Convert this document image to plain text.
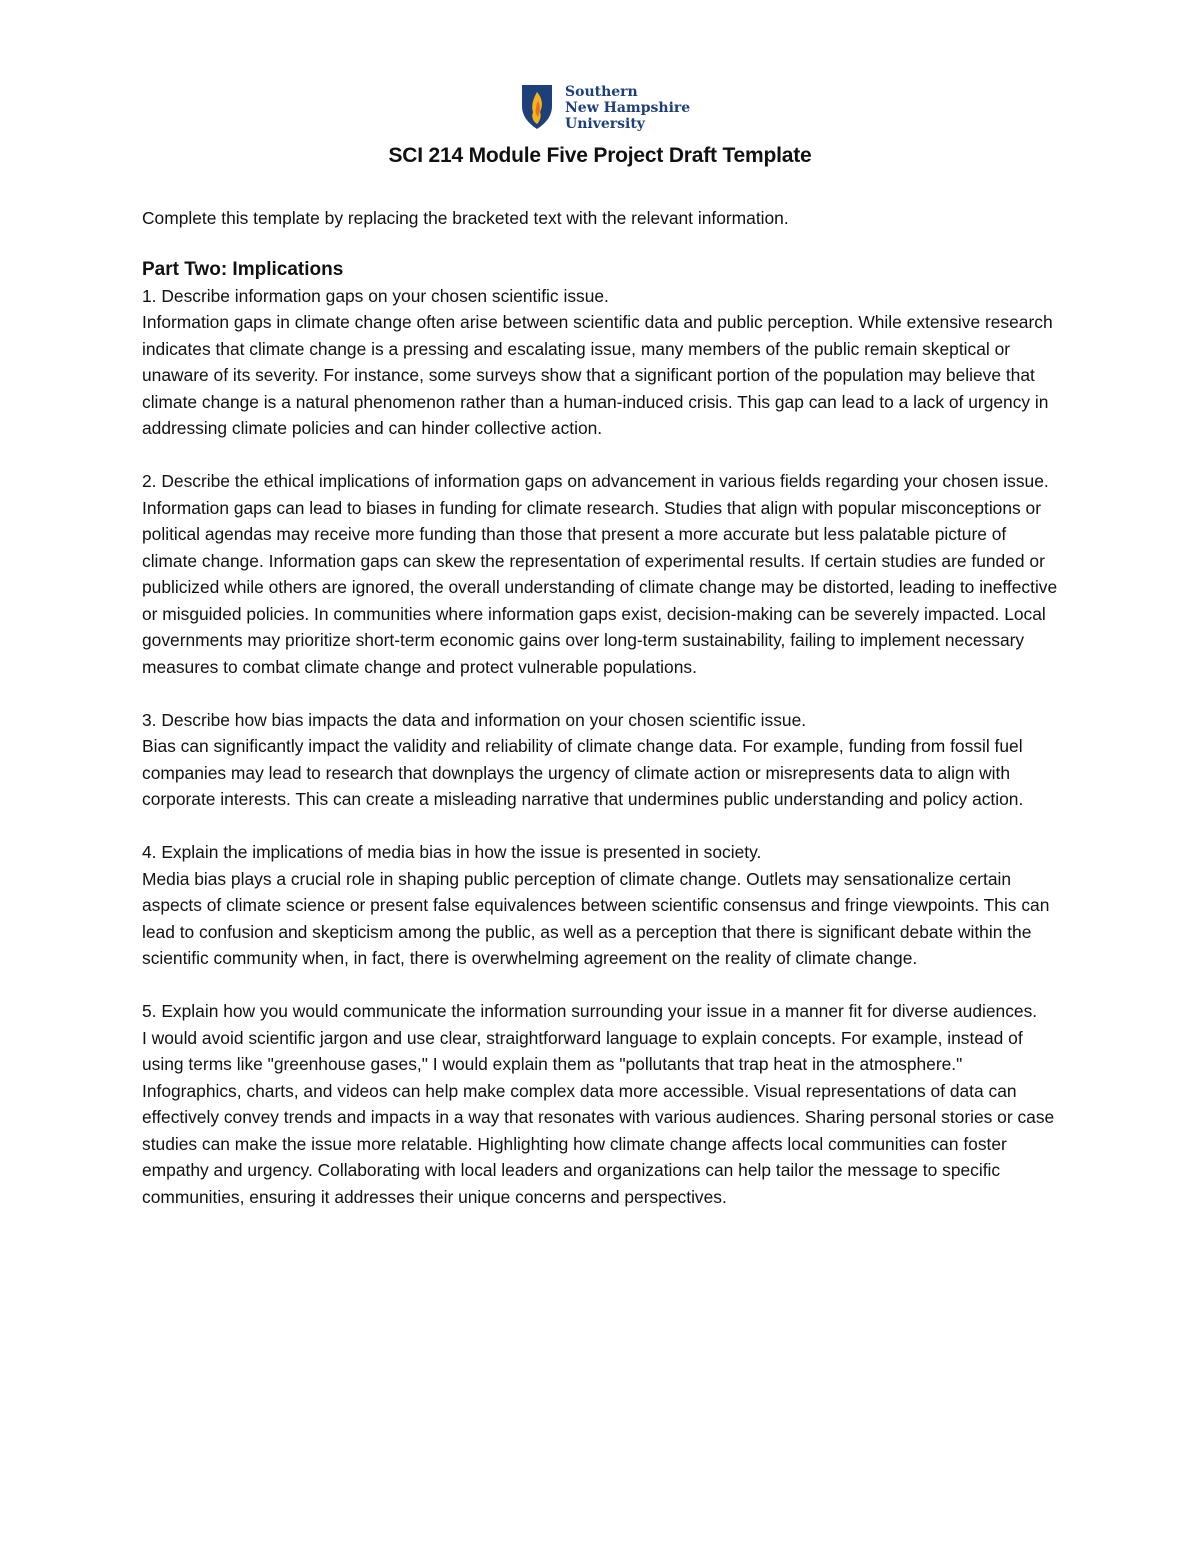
Southern
New Hampshire
University
SCI 214 Module Five Project Draft Template

Complete this template by replacing the bracketed text with the relevant information.

Part Two: Implications

1. Describe information gaps on your chosen scientific issue.

Information gaps in climate change often arise between scientific data and public perception. While extensive research indicates that climate change is a pressing and escalating issue, many members of the public remain skeptical or unaware of its severity. For instance, some surveys show that a significant portion of the population may believe that climate change is a natural phenomenon rather than a human-induced crisis. This gap can lead to a lack of urgency in addressing climate policies and can hinder collective action.

2. Describe the ethical implications of information gaps on advancement in various fields regarding your chosen issue.

Information gaps can lead to biases in funding for climate research. Studies that align with popular misconceptions or political agendas may receive more funding than those that present a more accurate but less palatable picture of climate change. Information gaps can skew the representation of experimental results. If certain studies are funded or publicized while others are ignored, the overall understanding of climate change may be distorted, leading to ineffective or misguided policies. In communities where information gaps exist, decision-making can be severely impacted. Local governments may prioritize short-term economic gains over long-term sustainability, failing to implement necessary measures to combat climate change and protect vulnerable populations.

3. Describe how bias impacts the data and information on your chosen scientific issue.

Bias can significantly impact the validity and reliability of climate change data. For example, funding from fossil fuel companies may lead to research that downplays the urgency of climate action or misrepresents data to align with corporate interests. This can create a misleading narrative that undermines public understanding and policy action.

4. Explain the implications of media bias in how the issue is presented in society.

Media bias plays a crucial role in shaping public perception of climate change. Outlets may sensationalize certain aspects of climate science or present false equivalences between scientific consensus and fringe viewpoints. This can lead to confusion and skepticism among the public, as well as a perception that there is significant debate within the scientific community when, in fact, there is overwhelming agreement on the reality of climate change.

5. Explain how you would communicate the information surrounding your issue in a manner fit for diverse audiences.

I would avoid scientific jargon and use clear, straightforward language to explain concepts. For example, instead of using terms like "greenhouse gases," I would explain them as "pollutants that trap heat in the atmosphere." Infographics, charts, and videos can help make complex data more accessible. Visual representations of data can effectively convey trends and impacts in a way that resonates with various audiences. Sharing personal stories or case studies can make the issue more relatable. Highlighting how climate change affects local communities can foster empathy and urgency. Collaborating with local leaders and organizations can help tailor the message to specific communities, ensuring it addresses their unique concerns and perspectives.
